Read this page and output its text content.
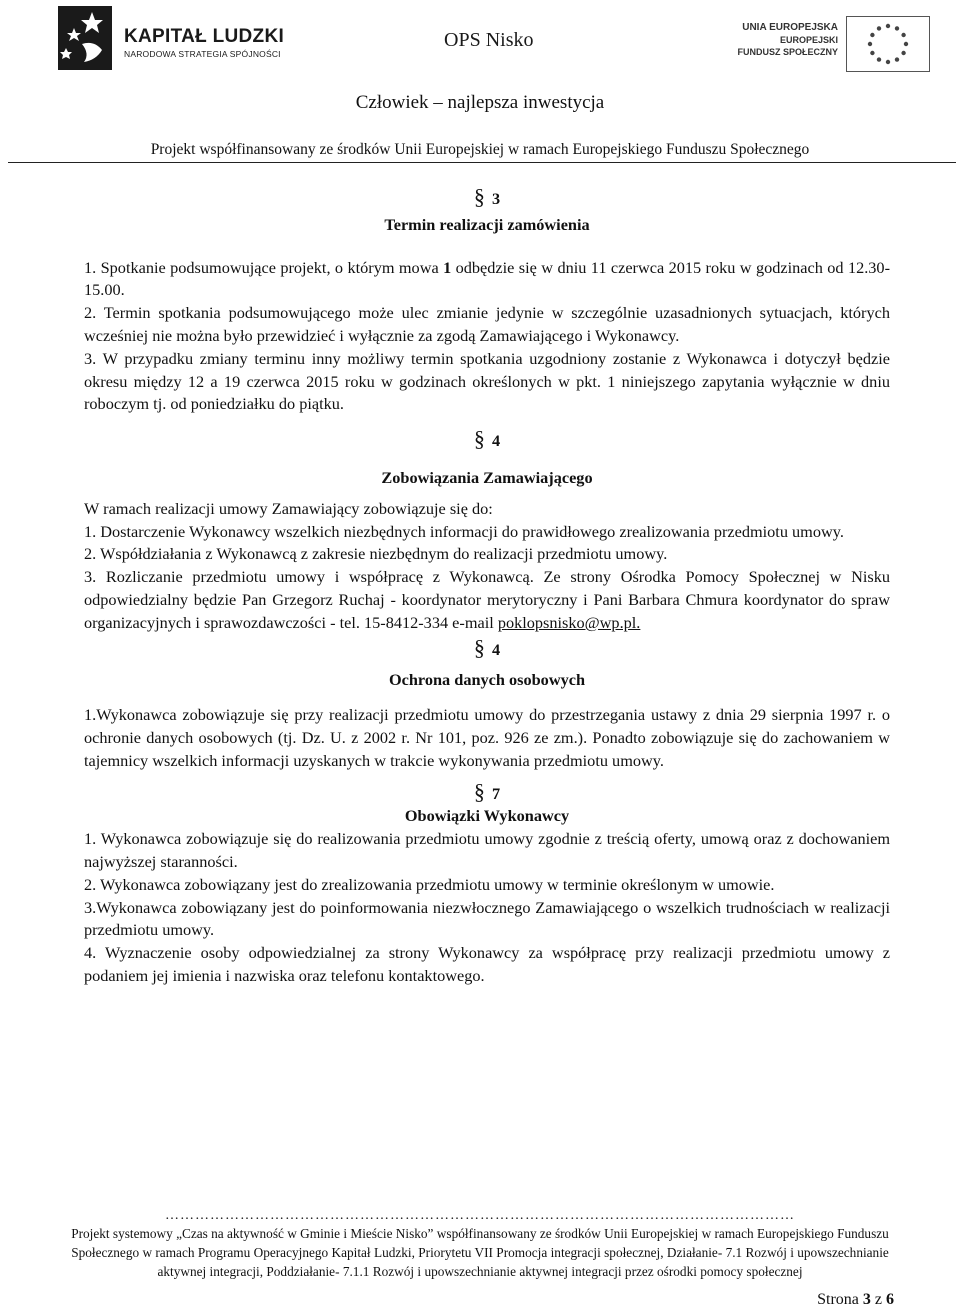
KAPITAŁ LUDZKI
NARODOWA STRATEGIA SPÓJNOŚCI
OPS Nisko
UNIA EUROPEJSKA
EUROPEJSKI
FUNDUSZ SPOŁECZNY
Człowiek – najlepsza inwestycja
Projekt współfinansowany ze środków Unii Europejskiej w ramach Europejskiego Funduszu Społecznego

§ 3

Termin realizacji zamówienia

1. Spotkanie podsumowujące projekt, o którym mowa 1 odbędzie się w dniu 11 czerwca 2015 roku w godzinach od 12.30-15.00.

2. Termin spotkania podsumowującego może ulec zmianie jedynie w szczególnie uzasadnionych sytuacjach, których wcześniej nie można było przewidzieć i wyłącznie za zgodą Zamawiającego i Wykonawcy.

3. W przypadku zmiany terminu inny możliwy termin spotkania uzgodniony zostanie z Wykonawca i dotyczył będzie okresu między 12 a 19 czerwca 2015 roku w godzinach określonych w pkt. 1 niniejszego zapytania wyłącznie w dniu roboczym tj. od poniedziałku do piątku.

§ 4

Zobowiązania Zamawiającego

W ramach realizacji umowy Zamawiający zobowiązuje się do:

1. Dostarczenie Wykonawcy wszelkich niezbędnych informacji do prawidłowego zrealizowania przedmiotu umowy.

2. Współdziałania z Wykonawcą z zakresie niezbędnym do realizacji przedmiotu umowy.

3. Rozliczanie przedmiotu umowy i współpracę z Wykonawcą. Ze strony Ośrodka Pomocy Społecznej w Nisku odpowiedzialny będzie Pan Grzegorz Ruchaj - koordynator merytoryczny i Pani Barbara Chmura koordynator do spraw organizacyjnych i sprawozdawczości - tel. 15-8412-334 e-mail poklopsnisko@wp.pl.

§ 4

Ochrona danych osobowych

1.Wykonawca zobowiązuje się przy realizacji przedmiotu umowy do przestrzegania ustawy z dnia 29 sierpnia 1997 r. o ochronie danych osobowych (tj. Dz. U. z 2002 r. Nr 101, poz. 926 ze zm.). Ponadto zobowiązuje się do zachowaniem w tajemnicy wszelkich informacji uzyskanych w trakcie wykonywania przedmiotu umowy.

§ 7

Obowiązki Wykonawcy

1. Wykonawca zobowiązuje się do realizowania przedmiotu umowy zgodnie z treścią oferty, umową oraz z dochowaniem najwyższej staranności.

2. Wykonawca zobowiązany jest do zrealizowania przedmiotu umowy w terminie określonym w umowie.

3.Wykonawca zobowiązany jest do poinformowania niezwłocznego Zamawiającego o wszelkich trudnościach w realizacji przedmiotu umowy.

4. Wyznaczenie osoby odpowiedzialnej za strony Wykonawcy za współpracę przy realizacji przedmiotu umowy z podaniem jej imienia i nazwiska oraz telefonu kontaktowego.

………………………………………………………………………………………………………………
Projekt systemowy „Czas na aktywność w Gminie i Mieście Nisko” współfinansowany ze środków Unii Europejskiej w ramach Europejskiego Funduszu Społecznego w ramach Programu Operacyjnego Kapitał Ludzki, Priorytetu VII Promocja integracji społecznej, Działanie- 7.1 Rozwój i upowszechnianie aktywnej integracji, Poddziałanie- 7.1.1 Rozwój i upowszechnianie aktywnej integracji przez ośrodki pomocy społecznej
Strona 3 z 6
